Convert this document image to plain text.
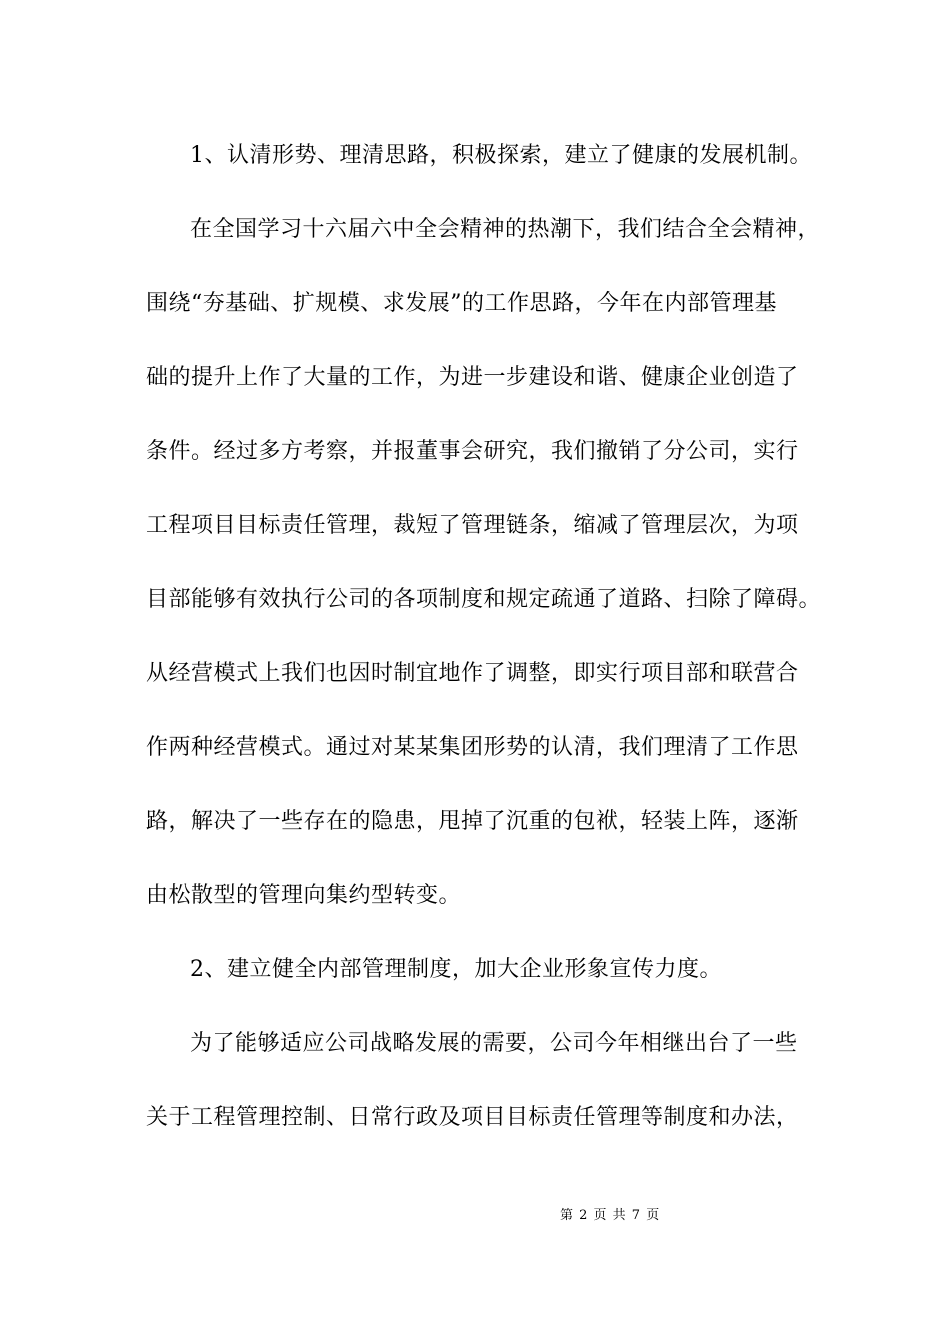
1、认清形势、理清思路，积极探索，建立了健康的发展机制。
在全国学习十六届六中全会精神的热潮下，我们结合全会精神，
围绕“夯基础、扩规模、求发展”的工作思路，今年在内部管理基
础的提升上作了大量的工作，为进一步建设和谐、健康企业创造了
条件。经过多方考察，并报董事会研究，我们撤销了分公司，实行
工程项目目标责任管理，裁短了管理链条，缩减了管理层次，为项
目部能够有效执行公司的各项制度和规定疏通了道路、扫除了障碍。
从经营模式上我们也因时制宜地作了调整，即实行项目部和联营合
作两种经营模式。通过对某某集团形势的认清，我们理清了工作思
路，解决了一些存在的隐患，甩掉了沉重的包袱，轻装上阵，逐渐
由松散型的管理向集约型转变。
2、建立健全内部管理制度，加大企业形象宣传力度。
为了能够适应公司战略发展的需要，公司今年相继出台了一些
关于工程管理控制、日常行政及项目目标责任管理等制度和办法，
第 2 页 共 7 页
